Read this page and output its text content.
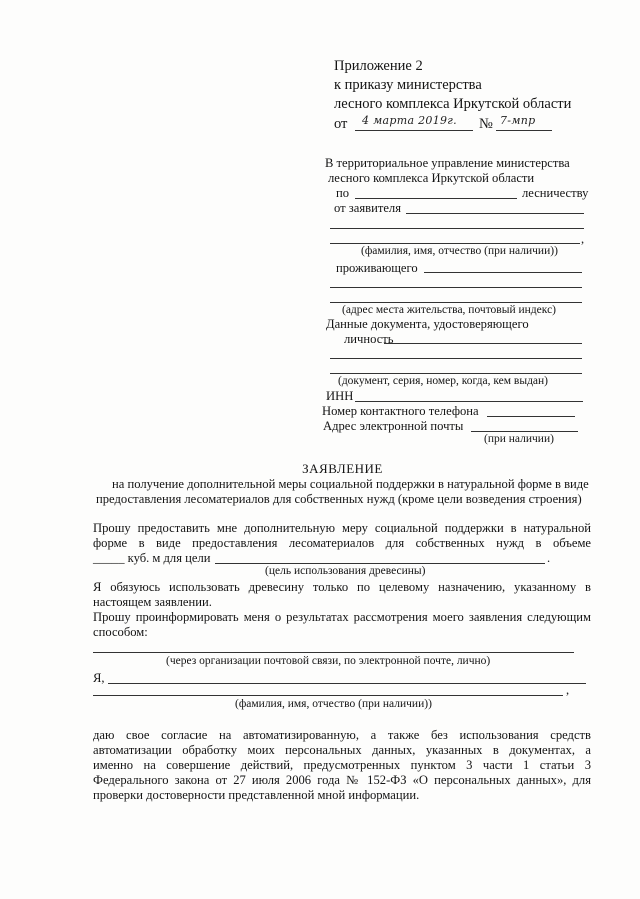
Приложение 2
к приказу министерства
лесного комплекса Иркутской области
от 4 марта 2019г. № 7-мпр
В территориальное управление министерства
лесного комплекса Иркутской области
по	лесничеству
от заявителя
,
(фамилия, имя, отчество (при наличии))
проживающего
(адрес места жительства, почтовый индекс)
Данные документа, удостоверяющего
личность
(документ, серия, номер, когда, кем выдан)
ИНН
Номер контактного телефона
Адрес электронной почты
(при наличии)
ЗАЯВЛЕНИЕ
на получение дополнительной меры социальной поддержки в натуральной форме в виде
предоставления лесоматериалов для собственных нужд (кроме цели возведения строения)
Прошу предоставить мне дополнительную меру социальной поддержки в натуральной
форме в виде предоставления лесоматериалов для собственных нужд в объеме
_____ куб. м для цели	.
(цель использования древесины)
Я обязуюсь использовать древесину только по целевому назначению, указанному в
настоящем заявлении.
Прошу проинформировать меня о результатах рассмотрения моего заявления следующим
способом:
(через организации почтовой связи, по электронной почте, лично)
Я,
,
(фамилия, имя, отчество (при наличии))
даю свое согласие на автоматизированную, а также без использования средств
автоматизации обработку моих персональных данных, указанных в документах, а
именно на совершение действий, предусмотренных пунктом 3 части 1 статьи 3
Федерального закона от 27 июля 2006 года № 152-ФЗ «О персональных данных», для
проверки достоверности представленной мной информации.
